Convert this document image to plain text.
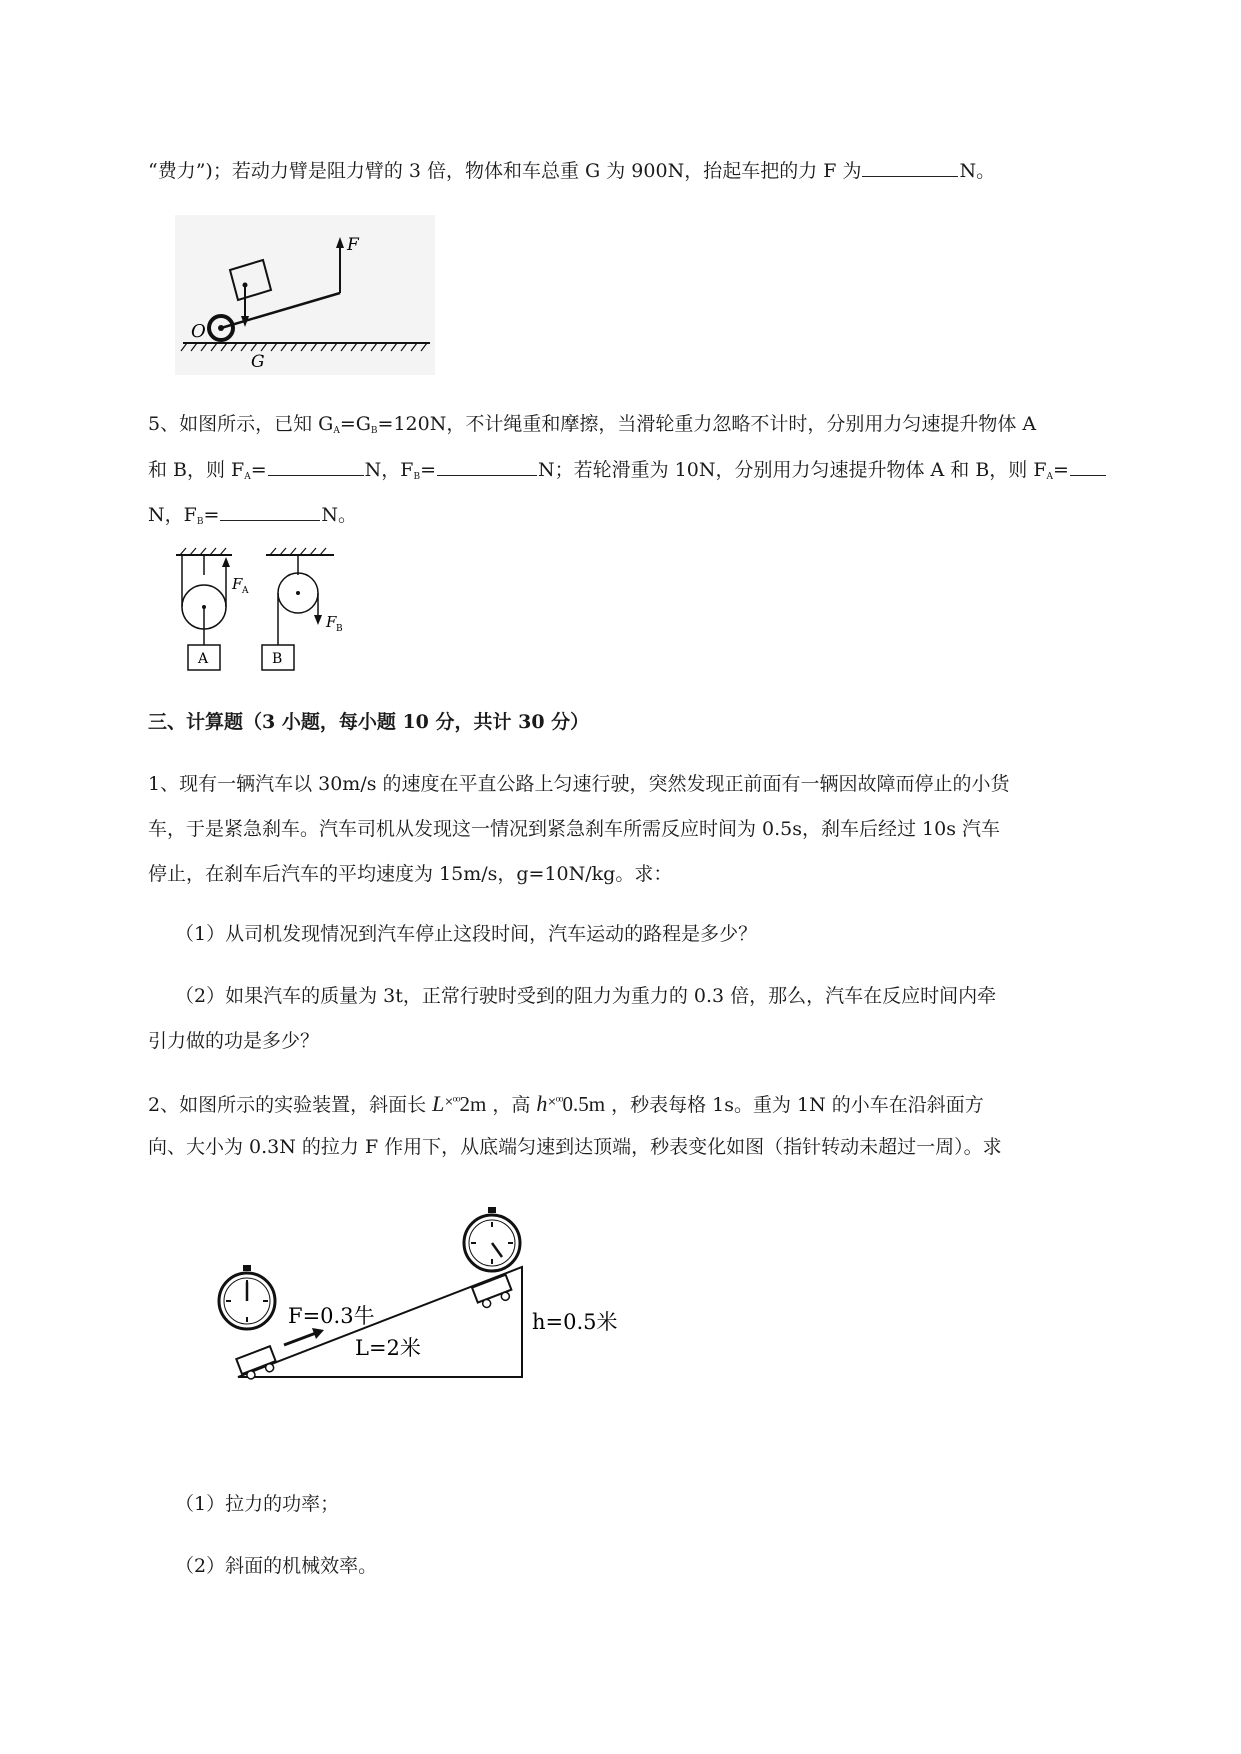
“费力”)；若动力臂是阻力臂的 3 倍，物体和车总重 G 为 900N，抬起车把的力 F 为	N。
F
O
G
5、如图所示，已知 $G_A=G_B=120N$，不计绳重和摩擦，当滑轮重力忽略不计时，分别用力匀速提升物体 A
和 B，则 $F_A=$	N，$F_B=$	N；若轮滑重为 10N，分别用力匀速提升物体 A 和 B，则 $F_A=$
N，$F_B=$	N。
A
F A
B
F B
三、计算题（3 小题，每小题 10 分，共计 30 分）
1、现有一辆汽车以 30m/s 的速度在平直公路上匀速行驶，突然发现正前面有一辆因故障而停止的小货
车，于是紧急刹车。汽车司机从发现这一情况到紧急刹车所需反应时间为 0.5s，刹车后经过 10s 汽车
停止，在刹车后汽车的平均速度为 15m/s，g=10N/kg。求：
（1）从司机发现情况到汽车停止这段时间，汽车运动的路程是多少？
（2）如果汽车的质量为 3t，正常行驶时受到的阻力为重力的 0.3 倍，那么，汽车在反应时间内牵
引力做的功是多少？
2、如图所示的实验装置，斜面长 $L^{\times^{00}}2m$ ，高 $h^{\times^{00}}0.5m$ ，秒表每格 1s。重为 1N 的小车在沿斜面方
向、大小为 0.3N 的拉力 F 作用下，从底端匀速到达顶端，秒表变化如图（指针转动未超过一周）。求
F=0.3牛
L=2米
h=0.5米
（1）拉力的功率；
（2）斜面的机械效率。
